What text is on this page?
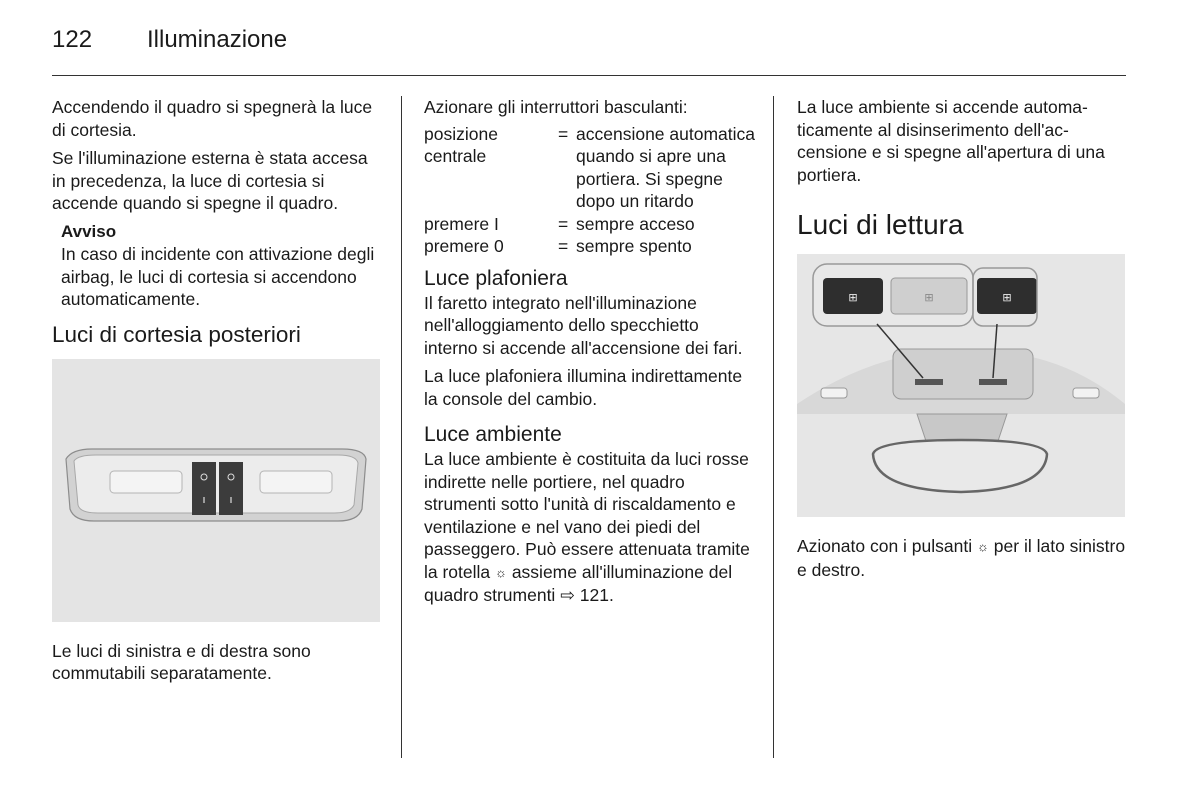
122 Illuminazione

Accendendo il quadro si spegnerà la luce di cortesia.

Se l'illuminazione esterna è stata accesa in precedenza, la luce di cortesia si accende quando si spegne il quadro.

Avviso
In caso di incidente con attivazione degli airbag, le luci di cortesia si accendono automaticamente.
Luci di cortesia posteriori

Le luci di sinistra e di destra sono commutabili separatamente.

Azionare gli interruttori basculanti:

posizione centrale	=	accensione automatica quando si apre una portiera. Si spegne dopo un ritardo
premere I	=	sempre acceso
premere 0	=	sempre spento
Luce plafoniera

Il faretto integrato nell'illuminazione nell'alloggiamento dello specchietto interno si accende all'accensione dei fari.

La luce plafoniera illumina indirettamente la console del cambio.

Luce ambiente

La luce ambiente è costituita da luci rosse indirette nelle portiere, nel quadro strumenti sotto l'unità di riscaldamento e ventilazione e nel vano dei piedi del passeggero. Può essere attenuata tramite la rotella ☼ assieme all'illuminazione del quadro strumenti ⇨ 121.

La luce ambiente si accende automaticamente al disinserimento dell'accensione e si spegne all'apertura di una portiera.

Luci di lettura
⊞	⊞	⊞

Azionato con i pulsanti ☼ per il lato sinistro e destro.
